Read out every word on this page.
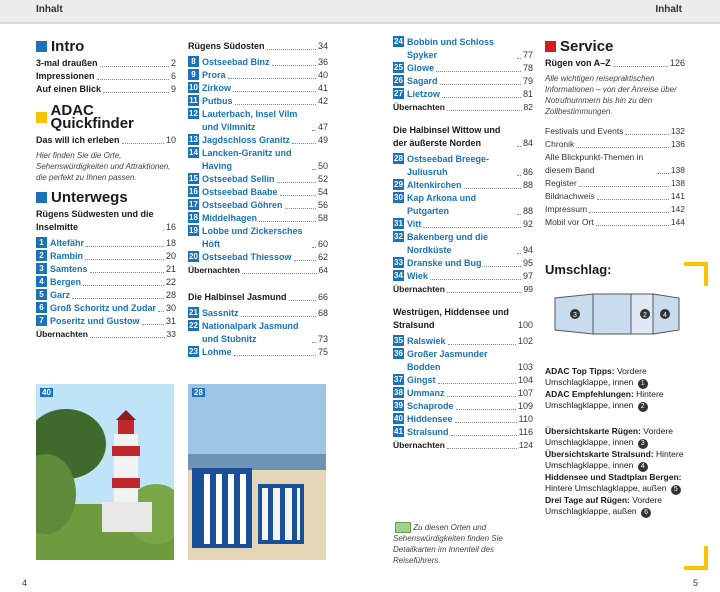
Inhalt	Inhalt
Intro
3-mal draußen	2
Impressionen	6
Auf einen Blick	9
ADAC Quickfinder
Das will ich erleben	10
Hier finden Sie die Orte, Sehenswürdigkeiten und Attraktionen, die perfekt zu Ihnen passen.
Unterwegs
Rügens Südwesten und die Inselmitte	16
1 Altefähr	18
2 Rambin	20
3 Samtens	21
4 Bergen	22
5 Garz	28
6 Groß Schoritz und Zudar 30
7 Poseritz und Gustow	31
Übernachten	33
40
Rügens Südosten	34
8 Ostseebad Binz	36
9 Prora	40
10 Zirkow	41
11 Putbus	42
12 Lauterbach, Insel Vilm und Vilmnitz	47
13 Jagdschloss Granitz	49
14 Lancken-Granitz und Having	50
15 Ostseebad Sellin	52
16 Ostseebad Baabe	54
17 Ostseebad Göhren	56
18 Middelhagen	58
19 Lobbe und Zickersches Höft	60
20 Ostseebad Thiessow	62
Übernachten	64
Die Halbinsel Jasmund	66
21 Sassnitz	68
22 Nationalpark Jasmund und Stubnitz	73
23 Lohme	75
28
24 Bobbin und Schloss Spyker	77
25 Glowe	78
26 Sagard	79
27 Lietzow	81
Übernachten	82
Die Halbinsel Wittow und der äußerste Norden	84
28 Ostseebad Breege-Juliusruh	86
29 Altenkirchen	88
30 Kap Arkona und Putgarten	88
31 Vitt	92
32 Bakenberg und die Nordküste	94
33 Dranske und Bug	95
34 Wiek	97
Übernachten	99
Westrügen, Hiddensee und Stralsund	100
35 Ralswiek	102
36 Großer Jasmunder Bodden	103
37 Gingst	104
38 Ummanz	107
39 Schaprode	109
40 Hiddensee	110
41 Stralsund	116
Übernachten	124
Zu diesen Orten und Sehenswürdigkeiten finden Sie Detailkarten im Innenteil des Reiseführers.
Service
Rügen von A–Z	126
Alle wichtigen reisepraktischen Informationen – von der Anreise über Notrufnummern bis hin zu den Zollbestimmungen.
Festivals und Events	132
Chronik	136
Alle Blickpunkt-Themen in diesem Band	138
Register	138
Bildnachweis	141
Impressum	142
Mobil vor Ort	144
Umschlag:
3	2 4
ADAC Top Tipps: Vordere Umschlagklappe, innen 1
ADAC Empfehlungen: Hintere Umschlagklappe, innen 2
Übersichtskarte Rügen: Vordere Umschlagklappe, innen 3
Übersichtskarte Stralsund: Hintere Umschlagklappe, innen 4
Hiddensee und Stadtplan Bergen: Hintere Umschlagklappe, außen 5
Drei Tage auf Rügen: Vordere Umschlagklappe, außen 6
4	5
